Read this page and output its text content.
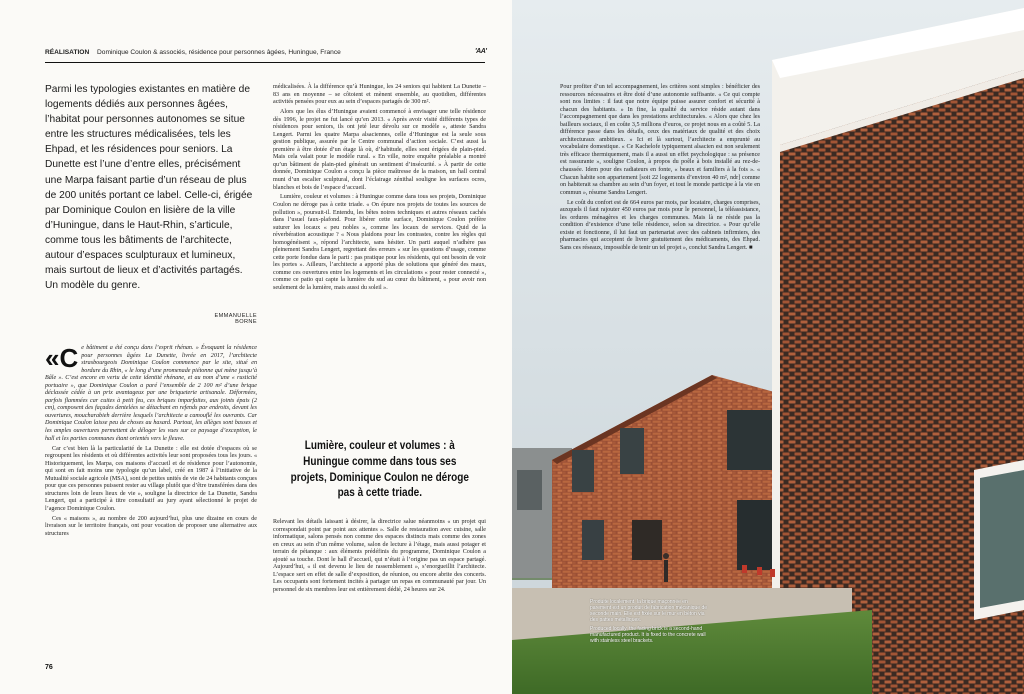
RÉALISATION Dominique Coulon & associés, résidence pour personnes âgées, Huningue, France	'AA'
Parmi les typologies existantes en matière de logements dédiés aux personnes âgées, l’habitat pour personnes autonomes se situe entre les structures médicalisées, tels les Ehpad, et les résidences pour seniors. La Dunette est l’une d’entre elles, précisément une Marpa faisant partie d’un réseau de plus de 200 unités portant ce label. Celle-ci, érigée par Dominique Coulon en lisière de la ville d’Huningue, dans le Haut-Rhin, s’articule, comme tous les bâtiments de l’architecte, autour d’espaces sculpturaux et lumineux, mais surtout de lieux et d’activités partagés. Un modèle du genre.
EMMANUELLE BORNE

«Ce bâtiment a été conçu dans l’esprit rhénan. » Évoquant la résidence pour personnes âgées La Dunette, livrée en 2017, l’architecte strasbourgeois Dominique Coulon commence par le site, situé en bordure du Rhin, « le long d’une promenade piétonne qui mène jusqu’à Bâle ». C’est encore en vertu de cette identité rhénane, et au nom d’une « rusticité portuaire », que Dominique Coulon a paré l’ensemble de 2 100 m² d’une brique déclassée cédée à un prix avantageux par une briqueterie artisanale. Déformées, parfois flammées car cuites à petit feu, ces briques imparfaites, aux joints épais (2 cm), composent des façades dentelées se détachant en refends par endroits, devant les ouvertures, moucharabieh derrière lesquels l’architecte a camouflé les ouvrants. Car Dominique Coulon laisse peu de choses au hasard. Partout, les allèges sont basses et les amples ouvertures permettent de déloger les vues sur ce paysage d’exception, le hall et les parties communes étant orientés vers le fleuve.

Car c’est bien là la particularité de La Dunette : elle est dotée d’espaces où se regroupent les résidents et où différentes activités leur sont proposées tous les jours. « Historiquement, les Marpa, ces maisons d’accueil et de résidence pour l’autonomie, qui sont en fait moins une typologie qu’un label, créé en 1987 à l’initiative de la Mutualité sociale agricole (MSA), sont de petites unités de vie de 24 habitants conçues pour que ces personnes puissent rester au village plutôt que d’être transférées dans des structures loin de leurs lieux de vie », souligne la directrice de La Dunette, Sandra Lengert, qui a participé à titre consultatif au jury ayant sélectionné le projet de l’agence Dominique Coulon.

Ces « maisons », au nombre de 200 aujourd’hui, plus une dizaine en cours de livraison sur le territoire français, ont pour vocation de proposer une alternative aux structures

médicalisées. À la différence qu’à Huningue, les 24 seniors qui habitent La Dunette – 83 ans en moyenne – se côtoient et mènent ensemble, au quotidien, différentes activités pensées pour eux au sein d’espaces partagés de 300 m².

Alors que les élus d’Huningue avaient commencé à envisager une telle résidence dès 1996, le projet ne fut lancé qu’en 2013. « Après avoir visité différents types de résidences pour seniors, ils ont jeté leur dévolu sur ce modèle », atteste Sandra Lengert. Parmi les quatre Marpa alsaciennes, celle d’Huningue est la seule sous gestion publique, assurée par le Centre communal d’action sociale. C’est aussi la première à être dotée d’un étage là où, d’habitude, elles sont érigées de plain-pied. Mais cela valait pour le modèle rural. « En ville, notre enquête préalable a montré qu’un bâtiment de plain-pied générait un sentiment d’insécurité. » À partir de cette donnée, Dominique Coulon a conçu la pièce maîtresse de la maison, un hall central muni d’un escalier sculptural, dont l’éclairage zénithal souligne les surfaces ocres, blanches et bois de l’espace d’accueil.

Lumière, couleur et volumes : à Huningue comme dans tous ses projets, Dominique Coulon ne déroge pas à cette triade. « On épure nos projets de toutes les sources de pollution », poursuit-il. Entendu, les bêtes noires techniques et autres réseaux cachés dans l’usuel faux-plafond. Pour libérer cette surface, Dominique Coulon préfère suturer les locaux « peu nobles », comme les locaux de services. Quid de la réverbération acoustique ? « Nous plaidons pour les contrastes, contre les règles qui homogénéisent », répond l’architecte, sans hésiter. Un parti auquel n’adhère pas pleinement Sandra Lengert, regrettant des erreurs « sur les questions d’usage, comme cette porte fondue dans le parti : pas pratique pour les résidents, qui ont besoin de voir les portes ». Ailleurs, l’architecte a apporté plus de solutions que généré des maux, comme ces ouvertures entre les logements et les circulations « pour rester connecté », comme ce patio qui capte la lumière du sud au cœur du bâtiment, « pour avoir non seulement de la lumière, mais aussi du soleil ».

Lumière, couleur et volumes : à Huningue comme dans tous ses projets, Dominique Coulon ne déroge pas à cette triade.

Relevant les détails laissant à désirer, la directrice salue néanmoins « un projet qui correspondait point par point aux attentes ». Salle de restauration avec cuisine, salle informatique, salons pensés non comme des espaces distincts mais comme des zones en creux au sein d’un même volume, salon de lecture à l’étage, mais aussi potager et terrain de pétanque : aux éléments prédéfinis du programme, Dominique Coulon a ajouté sa touche. Dont le hall d’accueil, qui n’était à l’origine pas un espace partagé. Aujourd’hui, « il est devenu le lieu de rassemblement », s’enorgueillit l’architecte. L’espace sert en effet de salle d’exposition, de réunion, ou encore abrite des concerts. Les occupants sont fortement incités à partager un repas en communauté par jour. Un personnel de six membres leur est entièrement dédié, 24 heures sur 24.

76

Pour profiter d’un tel accompagnement, les critères sont simples : bénéficier des ressources nécessaires et être doté d’une autonomie suffisante. « Ce qui compte sont nos limites : il faut que notre équipe puisse assurer confort et sécurité à chacun des habitants. » In fine, la qualité du service réside autant dans l’accompagnement que dans les prestations architecturales. « Alors que chez les bailleurs sociaux, il en coûte 3,5 millions d’euros, ce projet nous en a coûté 5. La différence passe dans les détails, ceux des matériaux de qualité et des choix architecturaux ambitieux. » Ici et là surtout, l’architecte a emprunté au vocabulaire domestique. « Ce Kachelofe typiquement alsacien est non seulement très efficace thermiquement, mais il a aussi un effet psychologique : sa présence est rassurante », souligne Coulon, à propos du poêle à bois installé au rez-de-chaussée. Idem pour des radiateurs en fonte, « beaux et familiers à la fois ». « Chacun habite son appartement [soit 22 logements d’environ 40 m², ndr] comme on habiterait sa chambre au sein d’un foyer, et tout le monde participe à la vie en commun », résume Sandra Lengert.

Le coût du confort est de 664 euros par mois, par locataire, charges comprises, auxquels il faut rajouter 450 euros par mois pour le personnel, la téléassistance, les ordures ménagères et les charges communes. Mais là ne réside pas la condition d’existence d’une telle résidence, selon sa directrice. « Pour qu’elle existe et fonctionne, il lui faut un partenariat avec des cabinets infirmiers, des pharmacies qui acceptent de livrer gratuitement des médicaments, des Ehpad. Sans ces réseaux, impossible de tenir un tel projet », conclut Sandra Lengert. ■

Produite localement, la brique maçonnée en parement est un produit de fabrication mécanique de seconde main. Elle est fixée sur le mur en béton via des pattes métalliques.

Produced locally, the facing brick is a second-hand manufactured product. It is fixed to the concrete wall with stainless steel brackets.
